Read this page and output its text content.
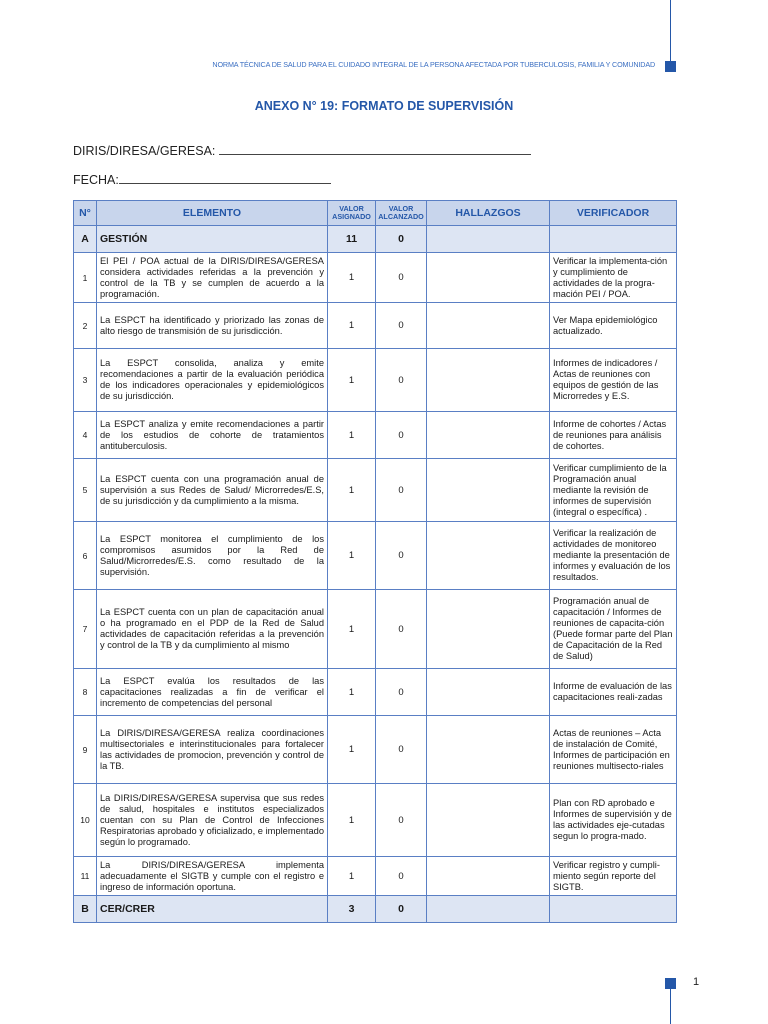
NORMA TÉCNICA DE SALUD PARA EL CUIDADO INTEGRAL DE LA PERSONA AFECTADA POR TUBERCULOSIS, FAMILIA Y COMUNIDAD
ANEXO N° 19: FORMATO DE SUPERVISIÓN
DIRIS/DIRESA/GERESA:
FECHA:
N°	ELEMENTO	VALOR ASIGNADO	VALOR ALCANZADO	HALLAZGOS	VERIFICADOR
A	GESTIÓN	11	0		
1	El PEI / POA actual de la DIRIS/DIRESA/GERESA considera actividades referidas a la prevención y control de la TB y se cumplen de acuerdo a la programación.	1	0		Verificar la implementa-ción y cumplimiento de actividades de la progra-mación PEI / POA.
2	La ESPCT ha identificado y priorizado las zonas de alto riesgo de transmisión de su jurisdicción.	1	0		Ver Mapa epidemiológico actualizado.
3	La ESPCT consolida, analiza y emite recomendaciones a partir de la evaluación periódica de los indicadores operacionales y epidemiológicos de su jurisdicción.	1	0		Informes de indicadores / Actas de reuniones con equipos de gestión de las Microrredes y E.S.
4	La ESPCT analiza y emite recomendaciones a partir de los estudios de cohorte de tratamientos antituberculosis.	1	0		Informe de cohortes / Actas de reuniones para análisis de cohortes.
5	La ESPCT cuenta con una programación anual de supervisión a sus Redes de Salud/ Microrredes/E.S, de su jurisdicción y da cumplimiento a la misma.	1	0		Verificar cumplimiento de la Programación anual mediante la revisión de informes de supervisión (integral o específica) .
6	La ESPCT monitorea el cumplimiento de los compromisos asumidos por la Red de Salud/Microrredes/E.S. como resultado de la supervisión.	1	0		Verificar la realización de actividades de monitoreo mediante la presentación de informes y evaluación de los resultados.
7	La ESPCT cuenta con un plan de capacitación anual o ha programado en el PDP de la Red de Salud actividades de capacitación referidas a la prevención y control de la TB y da cumplimiento al mismo	1	0		Programación anual de capacitación / Informes de reuniones de capacita-ción (Puede formar parte del Plan de Capacitación de la Red de Salud)
8	La ESPCT evalúa los resultados de las capacitaciones realizadas a fin de verificar el incremento de competencias del personal	1	0		Informe de evaluación de las capacitaciones reali-zadas
9	La DIRIS/DIRESA/GERESA realiza coordinaciones multisectoriales e interinstitucionales para fortalecer las actividades de promocion, prevención y control de la TB.	1	0		Actas de reuniones – Acta de instalación de Comité, Informes de participación en reuniones multisecto-riales
10	La DIRIS/DIRESA/GERESA supervisa que sus redes de salud, hospitales e institutos especializados cuentan con su Plan de Control de Infecciones Respiratorias aprobado y oficializado, e implementado según lo programado.	1	0		Plan con RD aprobado e Informes de supervisión y de las actividades eje-cutadas segun lo progra-mado.
11	La DIRIS/DIRESA/GERESA implementa adecuadamente el SIGTB y cumple con el registro e ingreso de información oportuna.	1	0		Verificar registro y cumpli-miento según reporte del SIGTB.
B	CER/CRER	3	0		
1
